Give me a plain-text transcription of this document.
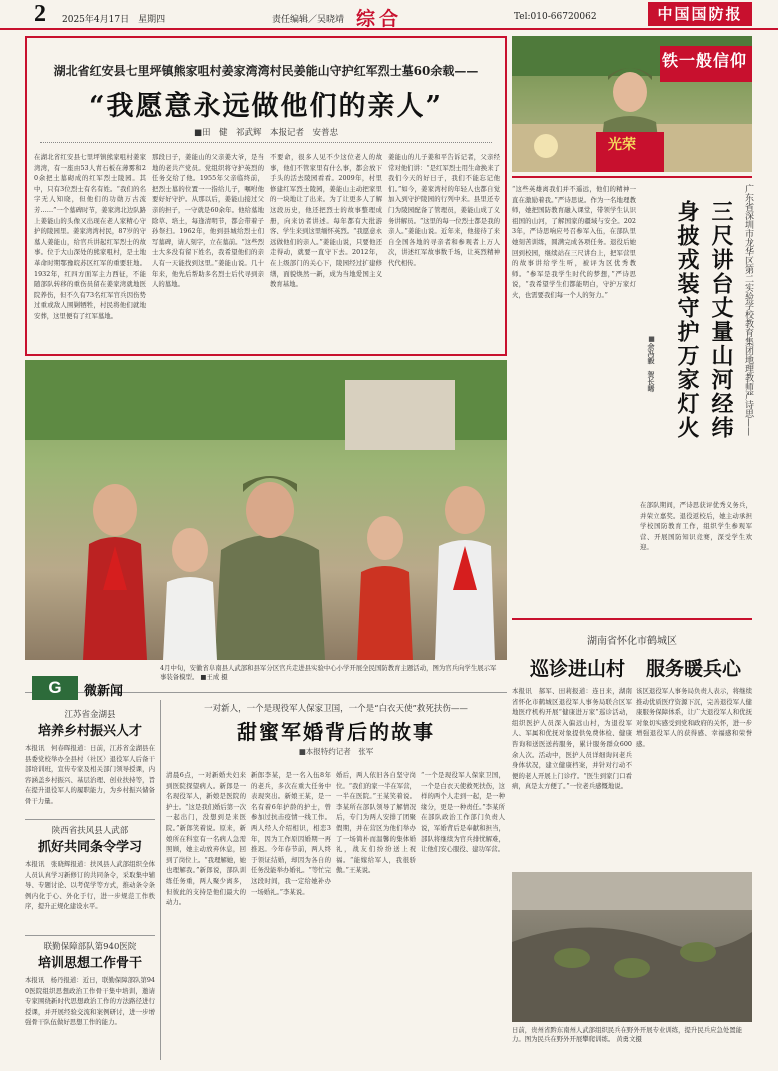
2 2025年4月17日　星期四	责任编辑／吴晓靖 综合	Tel:010-66720062	中国国防报
湖北省红安县七里坪镇熊家咀村姜家湾湾村民姜能山守护红军烈士墓60余载——
“我愿意永远做他们的亲人”
■田　健　祁武辉　本报记者　安普忠
在湖北省红安县七里坪镇熊家咀村姜家湾湾，有一座由53人青石板在薄雾和20余把土墓砌成的红军烈士陵园。其中，只有3位烈士有名有姓。“我们的名字无人知晓，但他们的功勋万古流芳……”一个墓碑时节，姜家湾北边队路上姜能山的头像又出现在老人家精心守护的陵园里。姜家湾湾村民，87岁的守墓人姜能山，给官兵讲起红军烈士的故事。位于大山深处的熊家咀村，是土地革命时期鄂豫皖苏区红军的重要驻地。1932年，红四方面军主力西征，不能随部队转移的重伤员留在姜家湾就地医院养伤，但不久有73名红军官兵因伤势过重或敌人围剿牺牲，村民将他们就地安葬，这里便有了红军墓地。
那段日子，姜能山的父亲姜大爷，是当地的老共产党员。党组织将守护英烈的任务交给了他。1955年父亲临终前，把烈士墓的位置一一指给儿子，嘱咐他要好好守护。从那以后，姜能山接过父亲的担子，一守就是60余年。他给墓地除草、培土，每逢清明节，都会带着子孙祭扫。1962年，他到县城给烈士们写墓碑，请人刻字，立在墓前。“这些烈士大多没有留下姓名，我希望他们的亲人有一天能找到这里。”姜能山说。几十年来，他先后帮助多名烈士后代寻到亲人的墓地。
不要命，很多人见不少这位老人的故事，他们不管家里有什么事，都会放下手头的活去陵园看看。2009年，村里修建红军烈士陵园，姜能山主动把家里的一块地让了出来。为了让更多人了解这段历史，他还把烈士的故事整理成册，向来访者讲述。每年都有大批游客、学生来到这里缅怀英烈。“我愿意永远做他们的亲人。”姜能山说，只要他还走得动，就要一直守下去。2012年，在上级部门的关心下，陵园经过扩建修缮，面貌焕然一新，成为当地爱国主义教育基地。
姜能山的儿子姜和平告诉记者，父亲经常对他们讲：“是红军烈士用生命换来了我们今天的好日子，我们不能忘记他们。”如今，姜家湾村的年轻人也都自觉加入到守护陵园的行列中来。县里还专门为陵园配备了管理员，姜能山成了义务讲解员。“这里的每一位烈士都是我的亲人。”姜能山说。近年来，他接待了来自全国各地的寻亲者和参观者上万人次，讲述红军故事数千场，让英烈精神代代相传。
铁一般信仰
光荣
广东省深圳市龙华区第二实验学校教育集团地理教师严诗思——
三尺讲台丈量山河经纬
身披戎装守护万家灯火
■余冯毅　贺长晞
“这些英雄离我们并不遥远，他们的精神一直在激励着我。”严诗思说。作为一名地理教师，她把国防教育融入课堂，带领学生认识祖国的山河，了解国家的疆域与安全。2023年，严诗思响应号召参军入伍，在部队里她刻苦训练，圆满完成各项任务。退役后她回到校园，继续站在三尺讲台上，把军营里的故事讲给学生听，被评为区优秀教师。“参军是我学生时代的梦想，”严诗思说，“我希望学生们都能明白，守护万家灯火，也需要我们每一个人的努力。”
在部队期间，严诗思获评优秀义务兵，并荣立嘉奖。退役返校后，她主动承担学校国防教育工作，组织学生参观军营、开展国防知识竞赛，深受学生欢迎。
4月中旬，安徽省阜南县人武部和县军分区官兵走进县实验中心小学开展全民国防教育主题活动，图为官兵向学生展示军事装备模型。 ■王成 摄
G	微新闻
江苏省金湖县
培养乡村振兴人才
本报讯　何春晖报道：日前，江苏省金湖县在县委党校举办全县村（社区）退役军人后备干部培训班，宣传专家及相关部门领导授课，内容涵盖乡村振兴、基层治理、创业扶持等，旨在提升退役军人的履职能力，为乡村振兴储备骨干力量。
陕西省扶风县人武部
抓好共同条令学习
本报讯　张晓辉报道：扶风县人武部组织全体人员认真学习新修订的共同条令，采取集中辅导、专题讨论、以考促学等方式，推动条令条例内化于心、外化于行，进一步规范工作秩序，提升正规化建设水平。
联勤保障部队第940医院
培训思想工作骨干
本报讯　杨丹报道：近日，联勤保障部队第940医院组织思想政治工作骨干集中培训，邀请专家围绕新时代思想政治工作的方法路径进行授课，并开展经验交流和案例研讨，进一步增强骨干队伍做好思想工作的能力。
一对新人，一个是现役军人保家卫国，一个是“白衣天使”救死扶伤——
甜蜜军婚背后的故事
■本报特约记者　张军
清晨6点，一对新婚夫妇来到医院探望病人。新郎是一名现役军人，新娘是医院的护士。“这是我们婚后第一次一起出门，没想到是来医院。”新郎笑着说。原来，新娘所在科室有一名病人急需照顾，她主动放弃休息，回到了岗位上。“我理解她，她也理解我。”新郎说，部队训练任务重，两人聚少离多，但彼此的支持是他们最大的动力。
新郎李某，是一名入伍8年的老兵，多次在重大任务中表现突出。新娘王某，是一名有着6年护龄的护士，曾参加过抗击疫情一线工作。两人经人介绍相识，相恋3年，因为工作原因婚期一再推迟。今年春节前，两人终于领证结婚，却因为各自的任务没能举办婚礼。“等忙完这段时间，我一定给她补办一场婚礼。”李某说。
婚后，两人依旧各自坚守岗位。“我们的家一半在军营，一半在医院。”王某笑着说。李某所在部队领导了解情况后，专门为两人安排了团聚假期，并在营区为他们举办了一场简朴而温馨的集体婚礼，战友们纷纷送上祝福。“能嫁给军人，我很骄傲。”王某说。
“一个是现役军人保家卫国，一个是白衣天使救死扶伤，这样的两个人走到一起，是一种缘分，更是一种责任。”李某所在部队政治工作部门负责人说，军婚背后是奉献和担当，部队将继续为官兵排忧解难，让他们安心服役、建功军营。
湖南省怀化市鹤城区
巡诊进山村 服务暖兵心
本报讯　郝军、田莉报道：连日来，湖南省怀化市鹤城区退役军人事务局联合区军地医疗机构开展“健康进万家”巡诊活动，组织医护人员深入偏远山村，为退役军人、军属和优抚对象提供免费体检、健康咨询和送医送药服务，累计服务群众600余人次。活动中，医护人员详细询问老兵身体状况，建立健康档案，并针对行动不便的老人开展上门诊疗。“医生到家门口看病，真是太方便了。”一位老兵感慨地说。
该区退役军人事务局负责人表示，将继续推动优质医疗资源下沉，完善退役军人健康服务保障体系，让广大退役军人和优抚对象切实感受到党和政府的关怀，进一步增强退役军人的获得感、幸福感和荣誉感。
日前，贵州省黔东南州人武部组织民兵在野外开展专业训练，提升民兵应急处置能力。图为民兵在野外开展攀爬训练。 黄勇文摄
